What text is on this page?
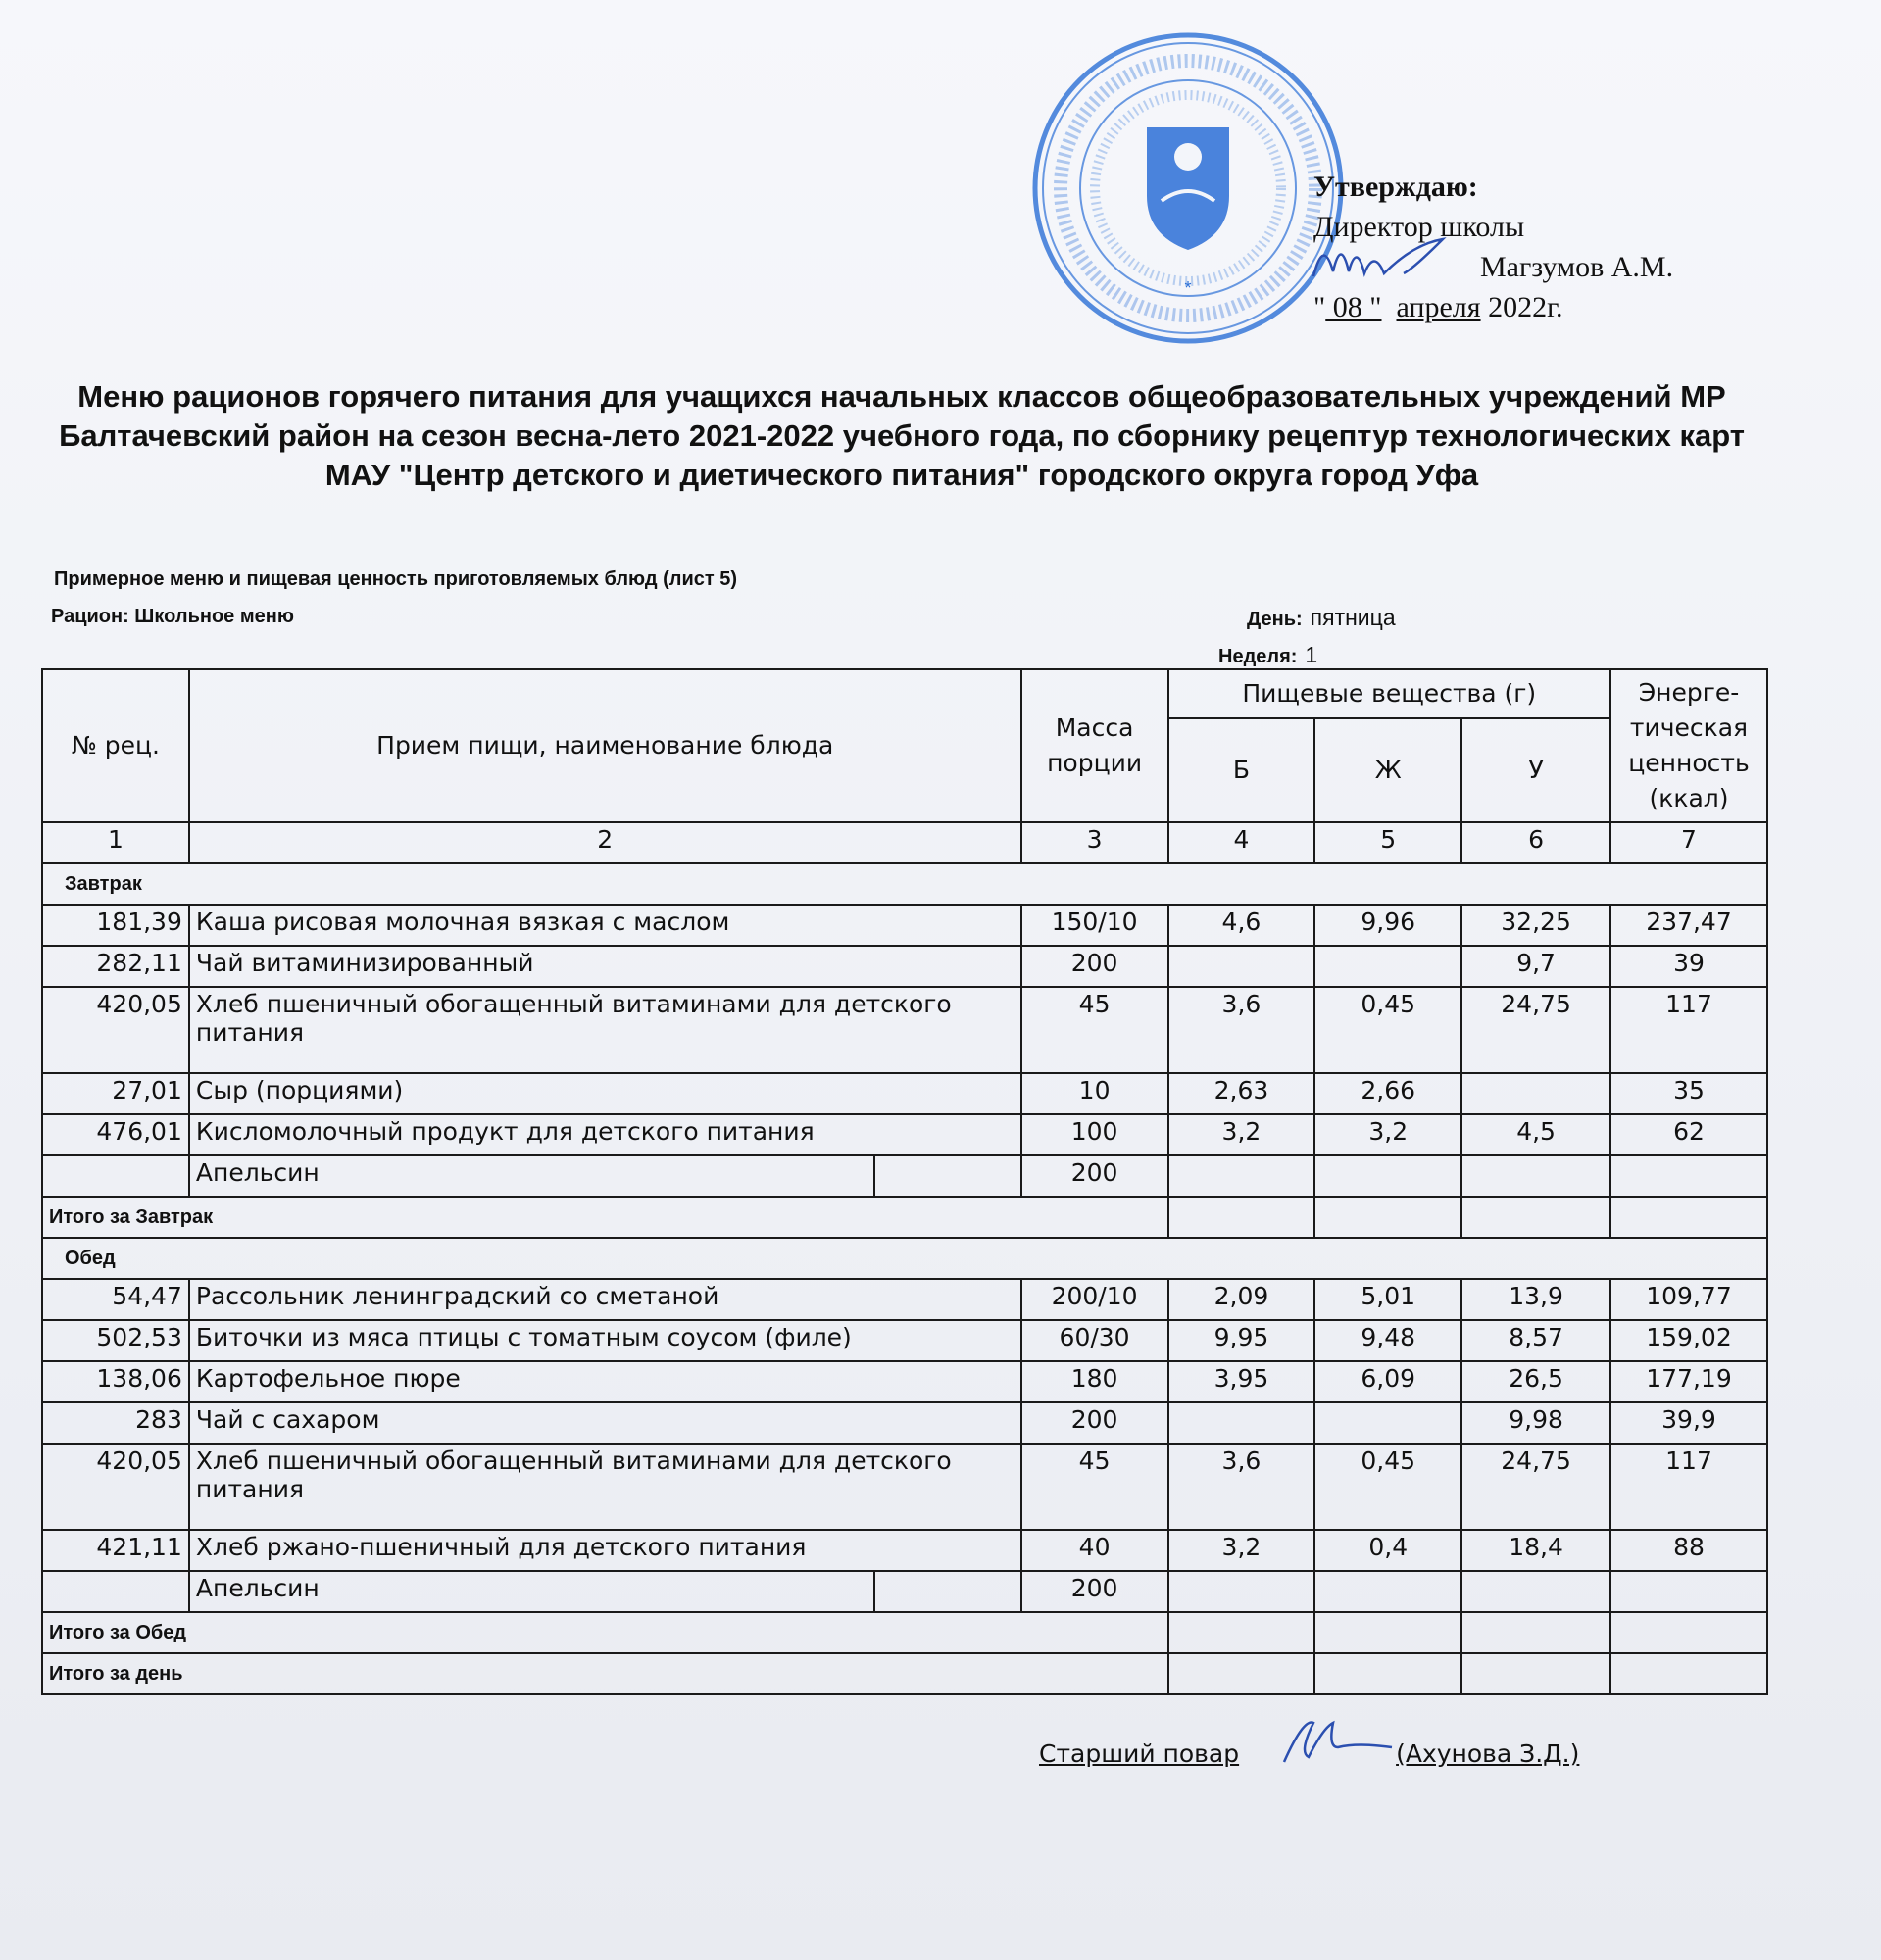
*
Утверждаю:
Директор школы
Магзумов А.М.
" 08 " апреля 2022г.
Меню рационов горячего питания для учащихся начальных классов общеобразовательных учреждений МР Балтачевский район на сезон весна-лето 2021-2022 учебного года, по сборнику рецептур технологических карт МАУ "Центр детского и диетического питания" городского округа город Уфа
Примерное меню и пищевая ценность приготовляемых блюд (лист 5)
Рацион: Школьное меню	День: пятница
Неделя: 1
№ рец.	Прием пищи, наименование блюда		Масса порции	Пищевые вещества (г)			Энерге-тическая ценность (ккал)
				Б	Ж	У	
1	2		3	4	5	6	7
Завтрак							
181,39	Каша рисовая молочная вязкая с маслом		150/10	4,6	9,96	32,25	237,47
282,11	Чай витаминизированный		200			9,7	39
420,05	Хлеб пшеничный обогащенный витаминами для детского питания		45	3,6	0,45	24,75	117
27,01	Сыр (порциями)		10	2,63	2,66		35
476,01	Кисломолочный продукт для детского питания		100	3,2	3,2	4,5	62
	Апельсин		200				
Итого за Завтрак							
Обед							
54,47	Рассольник ленинградский со сметаной		200/10	2,09	5,01	13,9	109,77
502,53	Биточки из мяса птицы с томатным соусом (филе)		60/30	9,95	9,48	8,57	159,02
138,06	Картофельное пюре		180	3,95	6,09	26,5	177,19
283	Чай с сахаром		200			9,98	39,9
420,05	Хлеб пшеничный обогащенный витаминами для детского питания		45	3,6	0,45	24,75	117
421,11	Хлеб ржано-пшеничный для детского питания		40	3,2	0,4	18,4	88
	Апельсин		200				
Итого за Обед							
Итого за день							
Старший повар	(Ахунова З.Д.)
